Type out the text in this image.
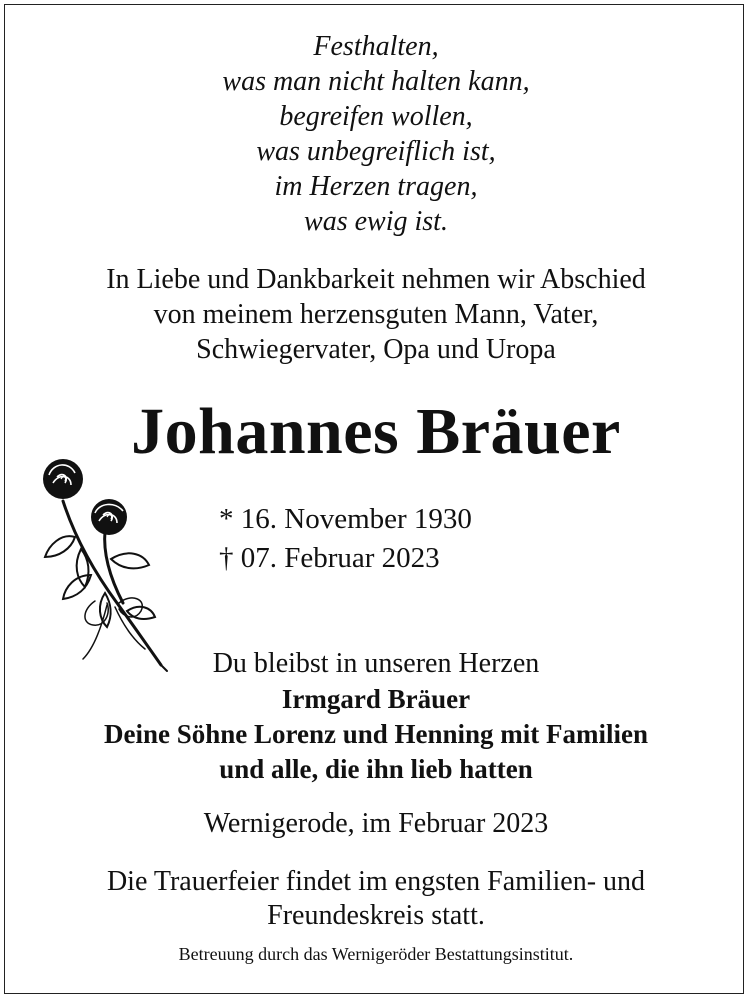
Festhalten,
was man nicht halten kann,
begreifen wollen,
was unbegreiflich ist,
im Herzen tragen,
was ewig ist.
In Liebe und Dankbarkeit nehmen wir Abschied
von meinem herzensguten Mann, Vater,
Schwiegervater, Opa und Uropa
Johannes Bräuer
* 16. November 1930
† 07. Februar 2023
Du bleibst in unseren Herzen
Irmgard Bräuer
Deine Söhne Lorenz und Henning mit Familien
und alle, die ihn lieb hatten
Wernigerode, im Februar 2023
Die Trauerfeier findet im engsten Familien- und
Freundeskreis statt.
Betreuung durch das Wernigeröder Bestattungsinstitut.
